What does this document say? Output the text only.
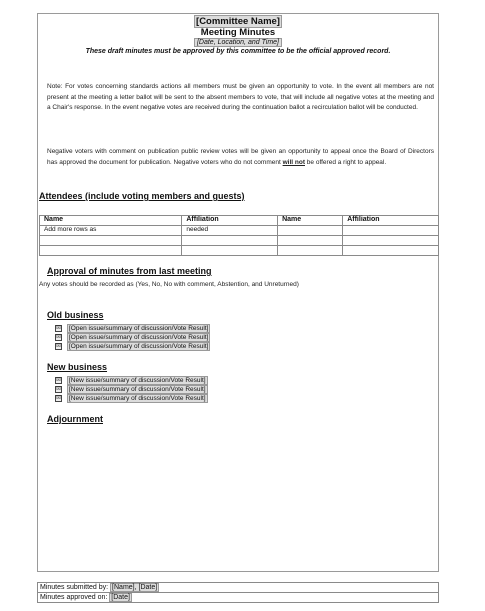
[Committee Name]
Meeting Minutes
[Date, Location, and Time]
These draft minutes must be approved by this committee to be the official approved record.
Note: For votes concerning standards actions all members must be given an opportunity to vote. In the event all members are not present at the meeting a letter ballot will be sent to the absent members to vote, that will include all negative votes at the meeting and a Chair's response. In the event negative votes are received during the continuation ballot a recirculation ballot will be conducted.
Negative voters with comment on publication public review votes will be given an opportunity to appeal once the Board of Directors has approved the document for publication. Negative voters who do not comment will not be offered a right to appeal.
Attendees (include voting members and guests)
Name	Affiliation	Name	Affiliation
Add more rows as	needed		

Approval of minutes from last meeting
Any votes should be recorded as (Yes, No, No with comment, Abstention, and Unreturned)
Old business
☒	[Open issue/summary of discussion/Vote Result]
☒	[Open issue/summary of discussion/Vote Result]
☒	[Open issue/summary of discussion/Vote Result]
New business
☒	[New issue/summary of discussion/Vote Result]
☒	[New issue/summary of discussion/Vote Result]
☒	[New issue/summary of discussion/Vote Result]
Adjournment
Minutes submitted by: [Name], [Date]
Minutes approved on: [Date]
